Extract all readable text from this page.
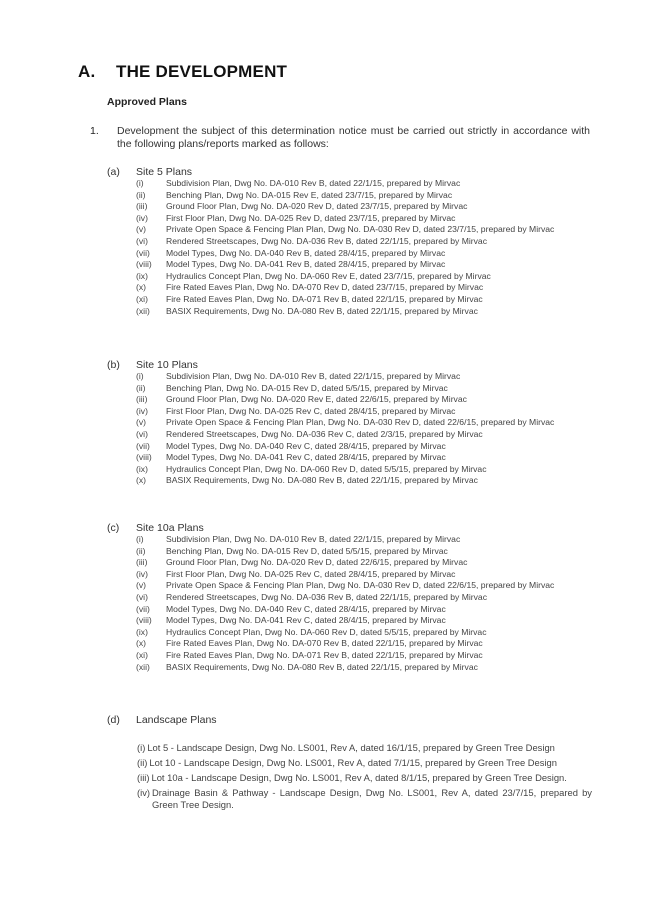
A.	THE DEVELOPMENT
Approved Plans
1. Development the subject of this determination notice must be carried out strictly in accordance with the following plans/reports marked as follows:

(a) Site 5 Plans
(i)	Subdivision Plan, Dwg No. DA-010 Rev B, dated 22/1/15, prepared by Mirvac
(ii)	Benching Plan, Dwg No. DA-015 Rev E, dated 23/7/15, prepared by Mirvac
(iii)	Ground Floor Plan, Dwg No. DA-020 Rev D, dated 23/7/15, prepared by Mirvac
(iv)	First Floor Plan, Dwg No. DA-025 Rev D, dated 23/7/15, prepared by Mirvac
(v)	Private Open Space & Fencing Plan Plan, Dwg No. DA-030 Rev D, dated 23/7/15, prepared by Mirvac
(vi)	Rendered Streetscapes, Dwg No. DA-036 Rev B, dated 22/1/15, prepared by Mirvac
(vii)	Model Types, Dwg No. DA-040 Rev B, dated 28/4/15, prepared by Mirvac
(viii)	Model Types, Dwg No. DA-041 Rev B, dated 28/4/15, prepared by Mirvac
(ix)	Hydraulics Concept Plan, Dwg No. DA-060 Rev E, dated 23/7/15, prepared by Mirvac
(x)	Fire Rated Eaves Plan, Dwg No. DA-070 Rev D, dated 23/7/15, prepared by Mirvac
(xi)	Fire Rated Eaves Plan, Dwg No. DA-071 Rev B, dated 22/1/15, prepared by Mirvac
(xii)	BASIX Requirements, Dwg No. DA-080 Rev B, dated 22/1/15, prepared by Mirvac
(b) Site 10 Plans
(i)	Subdivision Plan, Dwg No. DA-010 Rev B, dated 22/1/15, prepared by Mirvac
(ii)	Benching Plan, Dwg No. DA-015 Rev D, dated 5/5/15, prepared by Mirvac
(iii)	Ground Floor Plan, Dwg No. DA-020 Rev E, dated 22/6/15, prepared by Mirvac
(iv)	First Floor Plan, Dwg No. DA-025 Rev C, dated 28/4/15, prepared by Mirvac
(v)	Private Open Space & Fencing Plan Plan, Dwg No. DA-030 Rev D, dated 22/6/15, prepared by Mirvac
(vi)	Rendered Streetscapes, Dwg No. DA-036 Rev C, dated 2/3/15, prepared by Mirvac
(vii)	Model Types, Dwg No. DA-040 Rev C, dated 28/4/15, prepared by Mirvac
(viii)	Model Types, Dwg No. DA-041 Rev C, dated 28/4/15, prepared by Mirvac
(ix)	Hydraulics Concept Plan, Dwg No. DA-060 Rev D, dated 5/5/15, prepared by Mirvac
(x)	BASIX Requirements, Dwg No. DA-080 Rev B, dated 22/1/15, prepared by Mirvac
(c) Site 10a Plans
(i)	Subdivision Plan, Dwg No. DA-010 Rev B, dated 22/1/15, prepared by Mirvac
(ii)	Benching Plan, Dwg No. DA-015 Rev D, dated 5/5/15, prepared by Mirvac
(iii)	Ground Floor Plan, Dwg No. DA-020 Rev D, dated 22/6/15, prepared by Mirvac
(iv)	First Floor Plan, Dwg No. DA-025 Rev C, dated 28/4/15, prepared by Mirvac
(v)	Private Open Space & Fencing Plan Plan, Dwg No. DA-030 Rev D, dated 22/6/15, prepared by Mirvac
(vi)	Rendered Streetscapes, Dwg No. DA-036 Rev B, dated 22/1/15, prepared by Mirvac
(vii)	Model Types, Dwg No. DA-040 Rev C, dated 28/4/15, prepared by Mirvac
(viii)	Model Types, Dwg No. DA-041 Rev C, dated 28/4/15, prepared by Mirvac
(ix)	Hydraulics Concept Plan, Dwg No. DA-060 Rev D, dated 5/5/15, prepared by Mirvac
(x)	Fire Rated Eaves Plan, Dwg No. DA-070 Rev B, dated 22/1/15, prepared by Mirvac
(xi)	Fire Rated Eaves Plan, Dwg No. DA-071 Rev B, dated 22/1/15, prepared by Mirvac
(xii)	BASIX Requirements, Dwg No. DA-080 Rev B, dated 22/1/15, prepared by Mirvac
(d) Landscape Plans
(i) Lot 5 - Landscape Design, Dwg No. LS001, Rev A, dated 16/1/15, prepared by Green Tree Design
(ii) Lot 10 - Landscape Design, Dwg No. LS001, Rev A, dated 7/1/15, prepared by Green Tree Design
(iii) Lot 10a - Landscape Design, Dwg No. LS001, Rev A, dated 8/1/15, prepared by Green Tree Design.
(iv) Drainage Basin & Pathway - Landscape Design, Dwg No. LS001, Rev A, dated 23/7/15, prepared by Green Tree Design.
